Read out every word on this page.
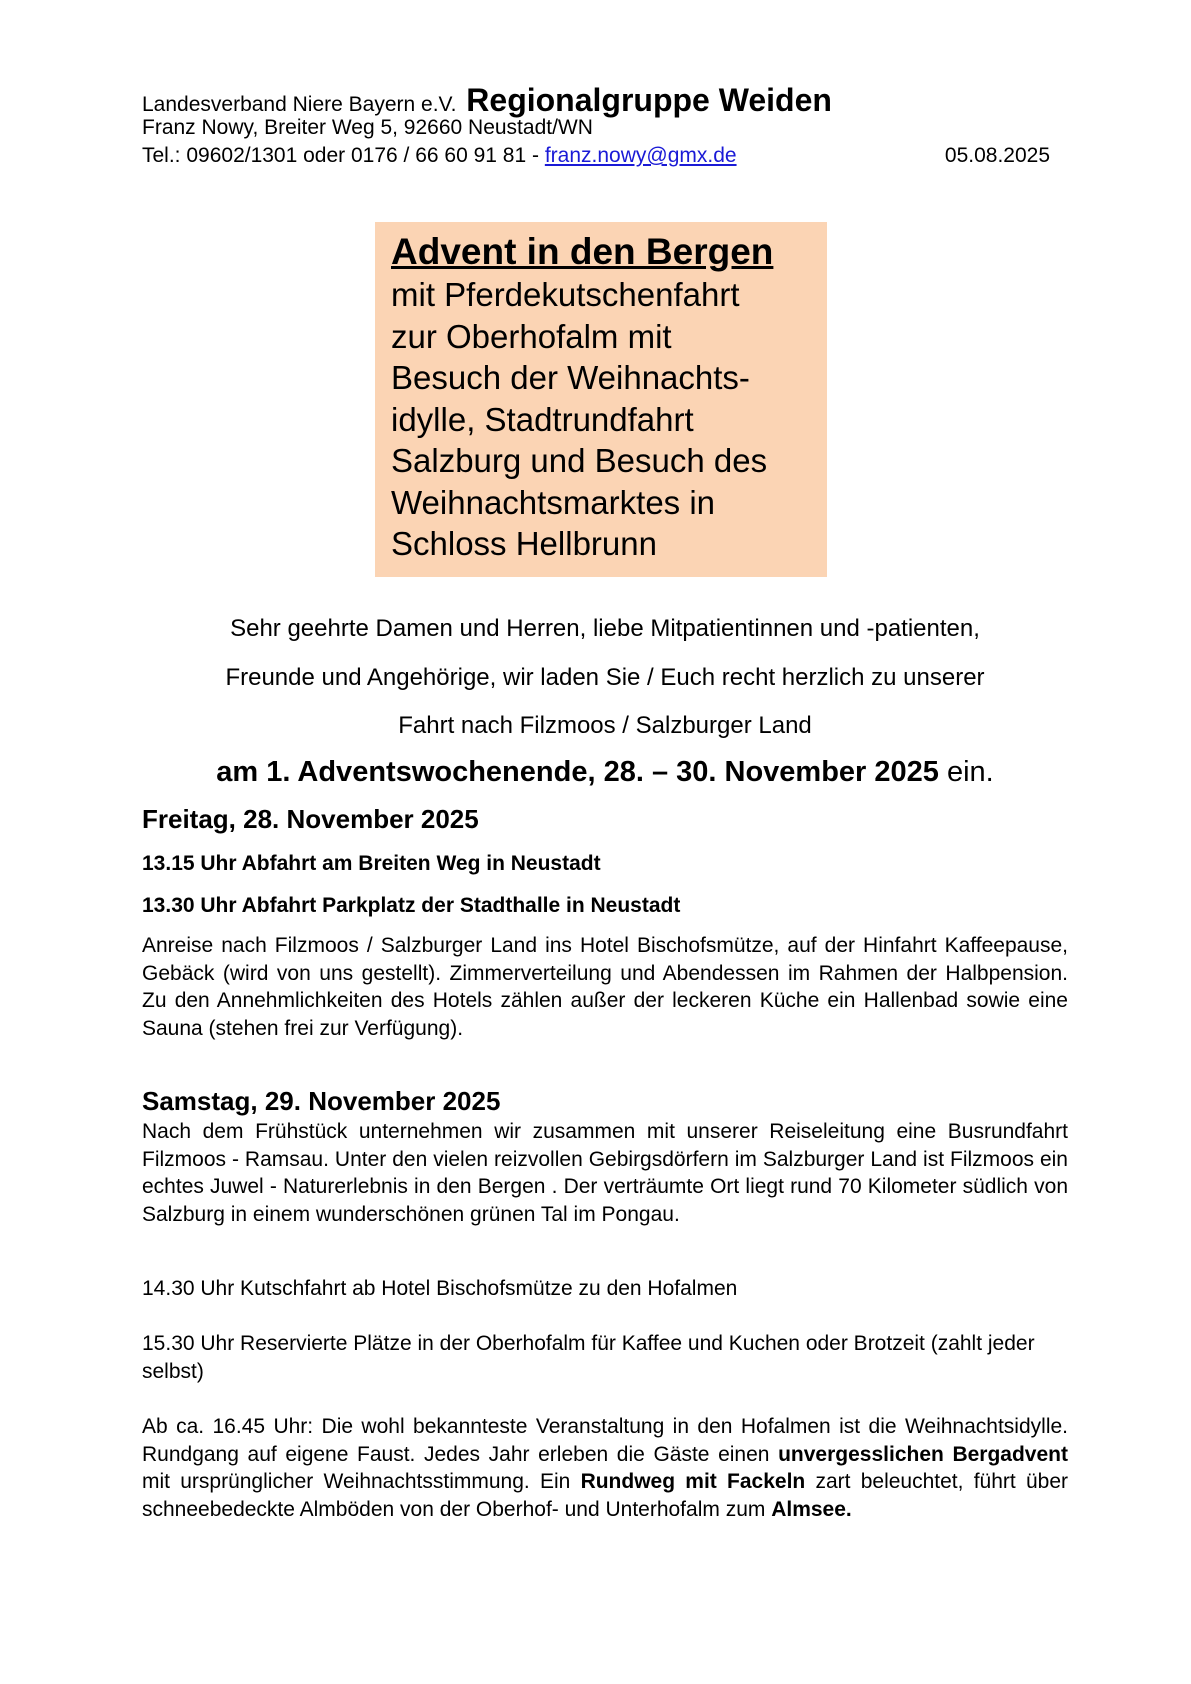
Landesverband Niere Bayern e.V. Regionalgruppe Weiden
Franz Nowy, Breiter Weg 5, 92660 Neustadt/WN
Tel.: 09602/1301 oder 0176 / 66 60 91 81 - franz.nowy@gmx.de	05.08.2025
Advent in den Bergen
mit Pferdekutschenfahrt
zur Oberhofalm mit
Besuch der Weihnachts-
idylle, Stadtrundfahrt
Salzburg und Besuch des
Weihnachtsmarktes in
Schloss Hellbrunn
Sehr geehrte Damen und Herren, liebe Mitpatientinnen und -patienten,
Freunde und Angehörige, wir laden Sie / Euch recht herzlich zu unserer
Fahrt nach Filzmoos / Salzburger Land
am 1. Adventswochenende, 28. – 30. November 2025 ein.
Freitag, 28. November 2025
13.15 Uhr Abfahrt am Breiten Weg in Neustadt
13.30 Uhr Abfahrt Parkplatz der Stadthalle in Neustadt
Anreise nach Filzmoos / Salzburger Land ins Hotel Bischofsmütze, auf der Hinfahrt Kaffeepause, Gebäck (wird von uns gestellt). Zimmerverteilung und Abendessen im Rahmen der Halbpension. Zu den Annehmlichkeiten des Hotels zählen außer der leckeren Küche ein Hallenbad sowie eine Sauna (stehen frei zur Verfügung).
Samstag, 29. November 2025
Nach dem Frühstück unternehmen wir zusammen mit unserer Reiseleitung eine Busrundfahrt Filzmoos - Ramsau. Unter den vielen reizvollen Gebirgsdörfern im Salzburger Land ist Filzmoos ein echtes Juwel - Naturerlebnis in den Bergen . Der verträumte Ort liegt rund 70 Kilometer südlich von Salzburg in einem wunderschönen grünen Tal im Pongau.
14.30 Uhr Kutschfahrt ab Hotel Bischofsmütze zu den Hofalmen
15.30 Uhr Reservierte Plätze in der Oberhofalm für Kaffee und Kuchen oder Brotzeit (zahlt jeder selbst)
Ab ca. 16.45 Uhr: Die wohl bekannteste Veranstaltung in den Hofalmen ist die Weihnachtsidylle. Rundgang auf eigene Faust. Jedes Jahr erleben die Gäste einen unvergesslichen Bergadvent mit ursprünglicher Weihnachtsstimmung. Ein Rundweg mit Fackeln zart beleuchtet, führt über schneebedeckte Almböden von der Oberhof- und Unterhofalm zum Almsee.
